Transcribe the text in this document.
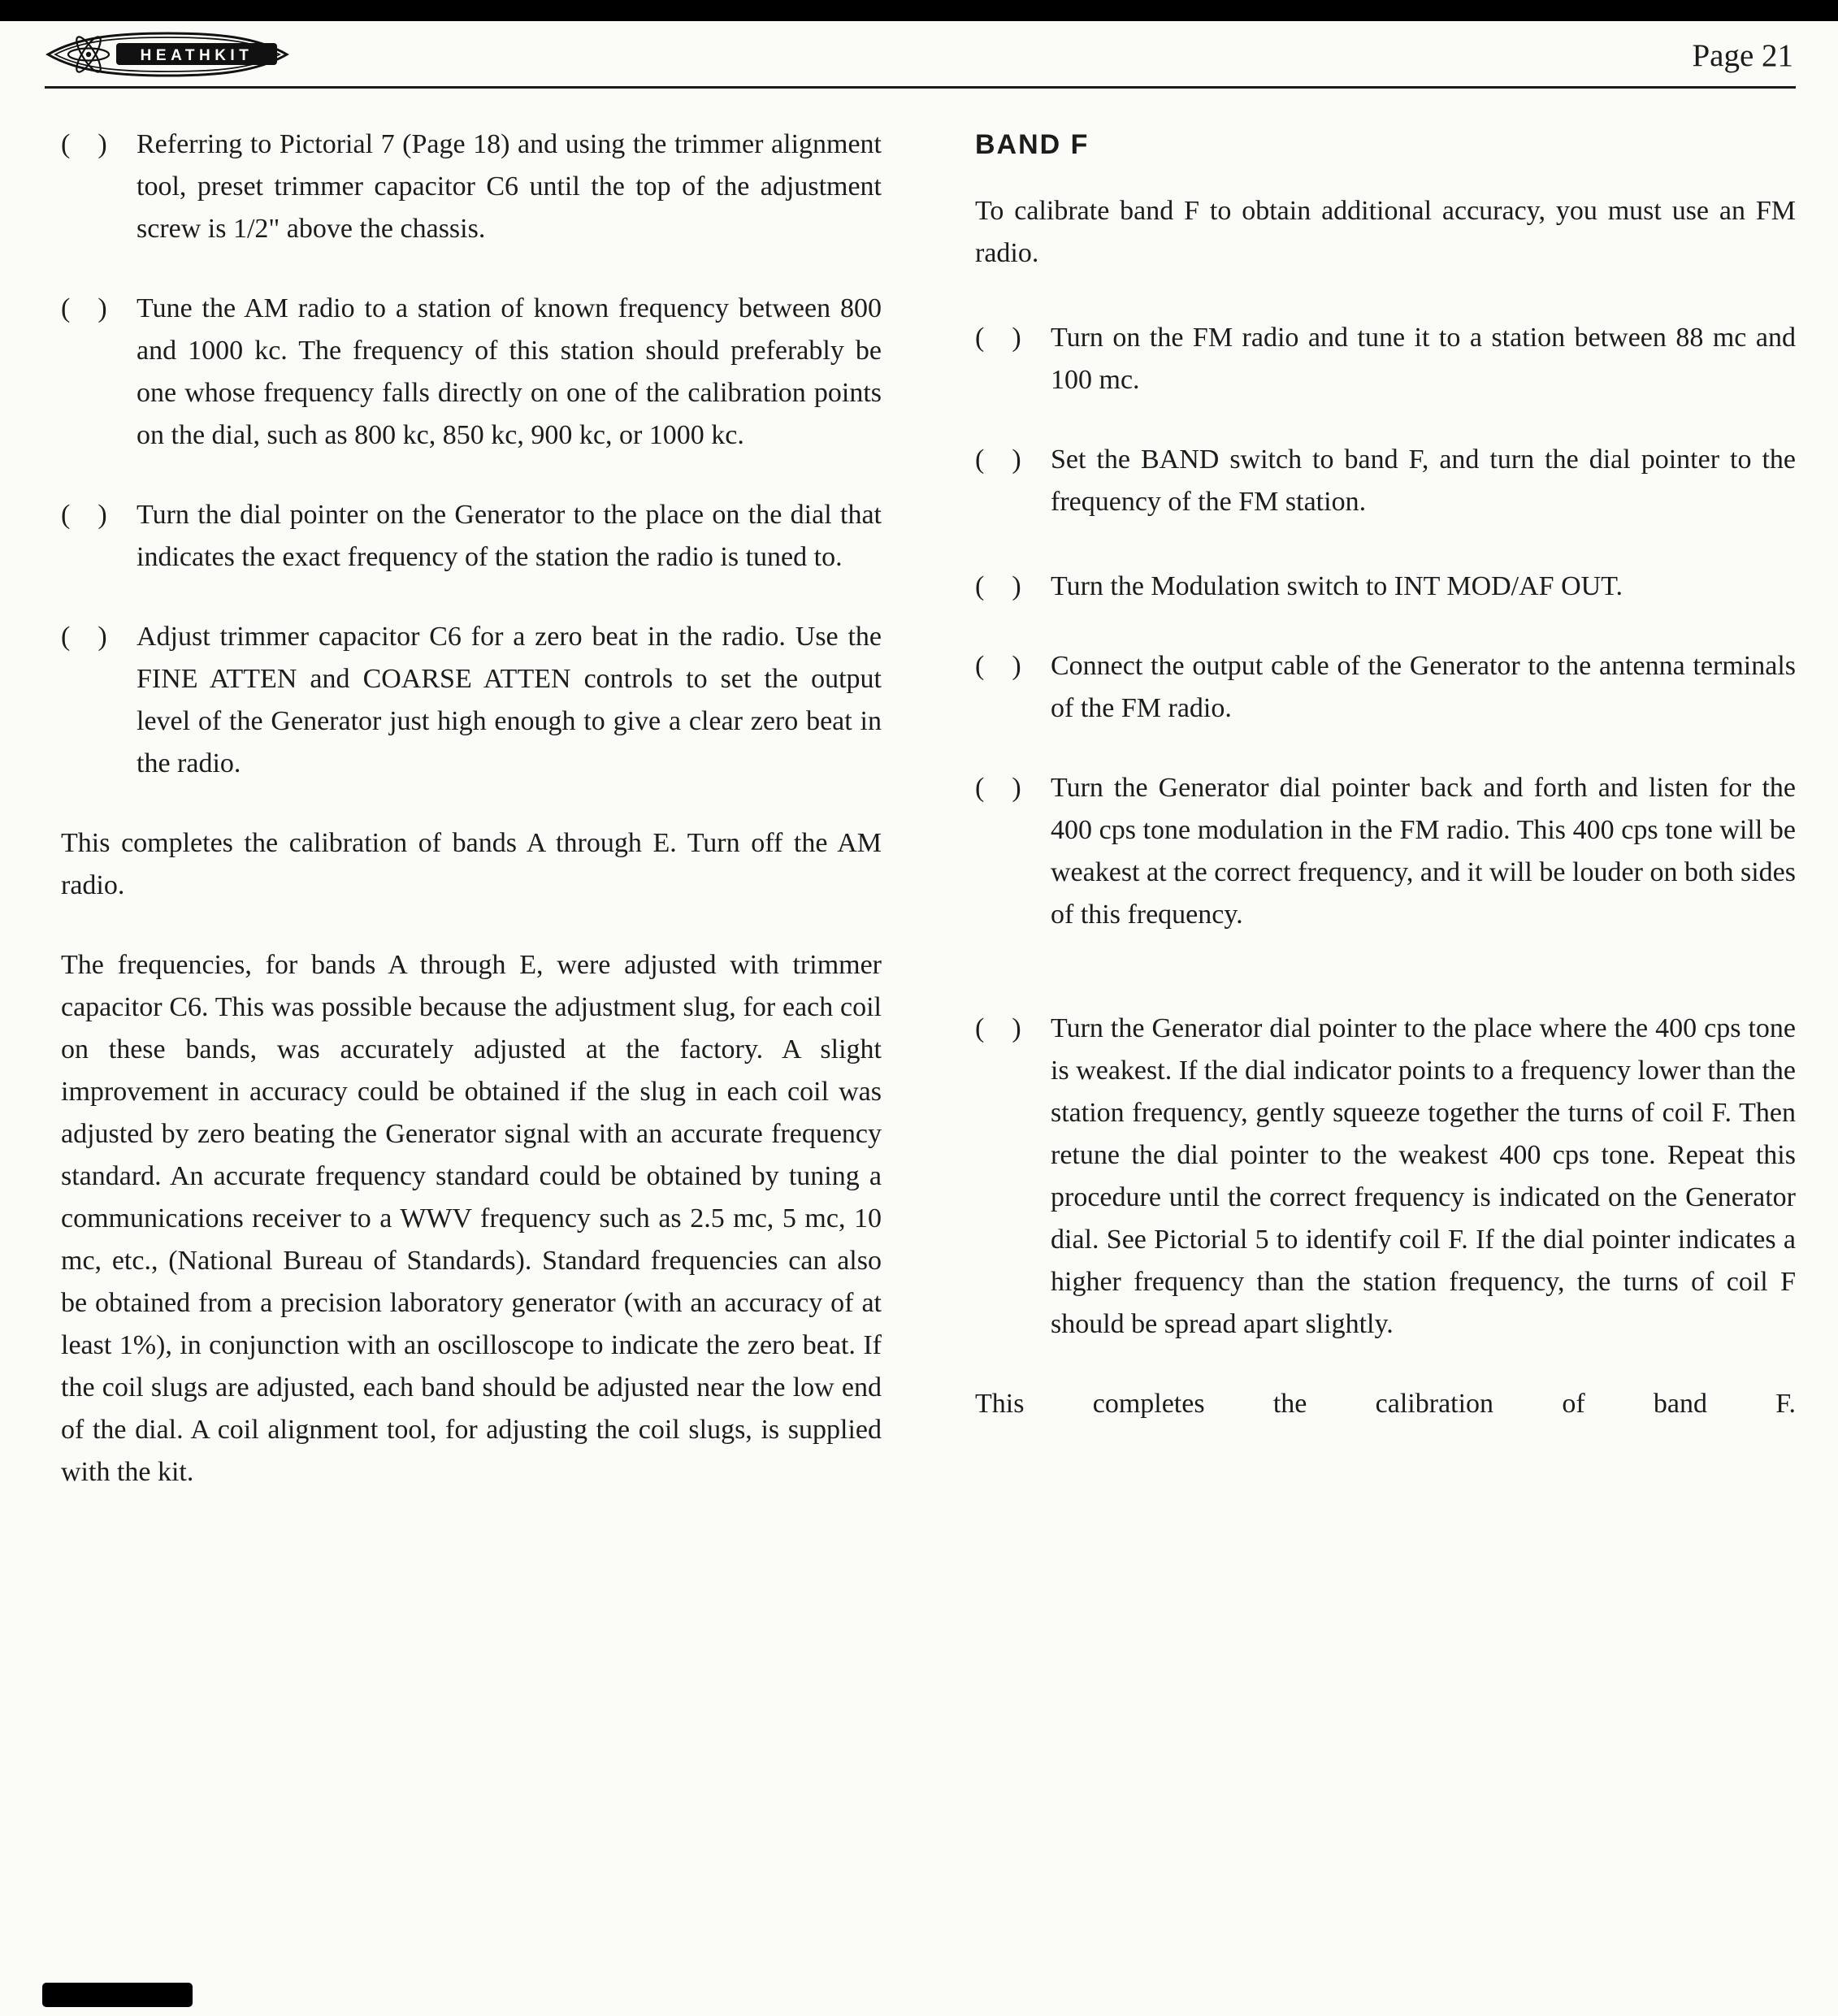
HEATHKIT	Page 21
( )	Referring to Pictorial 7 (Page 18) and using the trimmer alignment tool, preset trimmer capacitor C6 until the top of the adjustment screw is 1/2" above the chassis.
( )	Tune the AM radio to a station of known frequency between 800 and 1000 kc. The frequency of this station should preferably be one whose frequency falls directly on one of the calibration points on the dial, such as 800 kc, 850 kc, 900 kc, or 1000 kc.
( )	Turn the dial pointer on the Generator to the place on the dial that indicates the exact frequency of the station the radio is tuned to.
( )	Adjust trimmer capacitor C6 for a zero beat in the radio. Use the FINE ATTEN and COARSE ATTEN controls to set the output level of the Generator just high enough to give a clear zero beat in the radio.

This completes the calibration of bands A through E. Turn off the AM radio.

The frequencies, for bands A through E, were adjusted with trimmer capacitor C6. This was possible because the adjustment slug, for each coil on these bands, was accurately adjusted at the factory. A slight improvement in accuracy could be obtained if the slug in each coil was adjusted by zero beating the Generator signal with an accurate frequency standard. An accurate frequency standard could be obtained by tuning a communications receiver to a WWV frequency such as 2.5 mc, 5 mc, 10 mc, etc., (National Bureau of Standards). Standard frequencies can also be obtained from a precision laboratory generator (with an accuracy of at least 1%), in conjunction with an oscilloscope to indicate the zero beat. If the coil slugs are adjusted, each band should be adjusted near the low end of the dial. A coil alignment tool, for adjusting the coil slugs, is supplied with the kit.

BAND F

To calibrate band F to obtain additional accuracy, you must use an FM radio.

( )	Turn on the FM radio and tune it to a station between 88 mc and 100 mc.
( )	Set the BAND switch to band F, and turn the dial pointer to the frequency of the FM station.
( )	Turn the Modulation switch to INT MOD/AF OUT.
( )	Connect the output cable of the Generator to the antenna terminals of the FM radio.
( )	Turn the Generator dial pointer back and forth and listen for the 400 cps tone modulation in the FM radio. This 400 cps tone will be weakest at the correct frequency, and it will be louder on both sides of this frequency.
( )	Turn the Generator dial pointer to the place where the 400 cps tone is weakest. If the dial indicator points to a frequency lower than the station frequency, gently squeeze together the turns of coil F. Then retune the dial pointer to the weakest 400 cps tone. Repeat this procedure until the correct frequency is indicated on the Generator dial. See Pictorial 5 to identify coil F. If the dial pointer indicates a higher frequency than the station frequency, the turns of coil F should be spread apart slightly.

This completes the calibration of band F.
